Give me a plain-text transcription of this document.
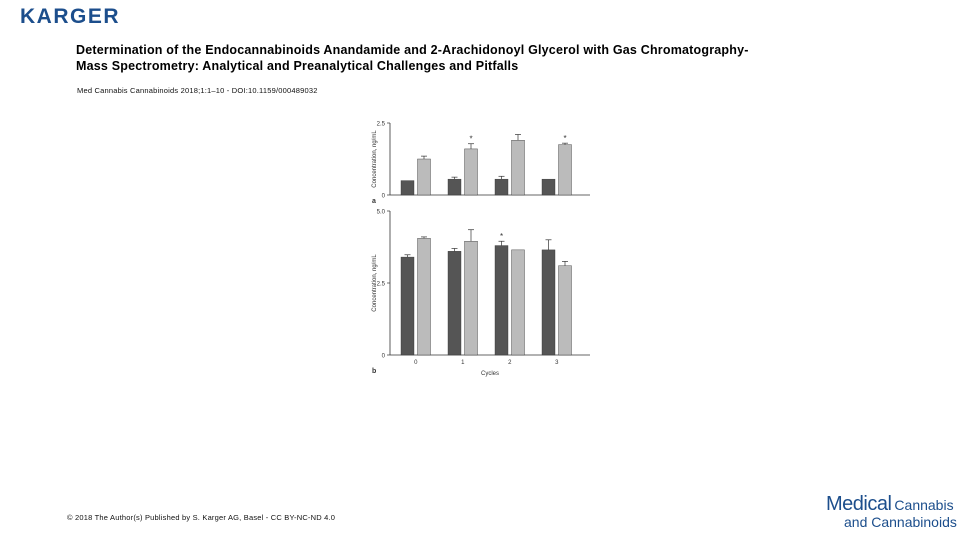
KARGER
Determination of the Endocannabinoids Anandamide and 2-Arachidonoyl Glycerol with Gas Chromatography-
Mass Spectrometry: Analytical and Preanalytical Challenges and Pitfalls
Med Cannabis Cannabinoids 2018;1:1–10 - DOI:10.1159/000489032
0
2.5
Concentration, ng/mL
a
*	*
0
2.5
5.0
Concentration, ng/mL
b
0	1
*
2	3
Cycles
© 2018 The Author(s) Published by S. Karger AG, Basel - CC BY-NC-ND 4.0
Medical Cannabis
and Cannabinoids
